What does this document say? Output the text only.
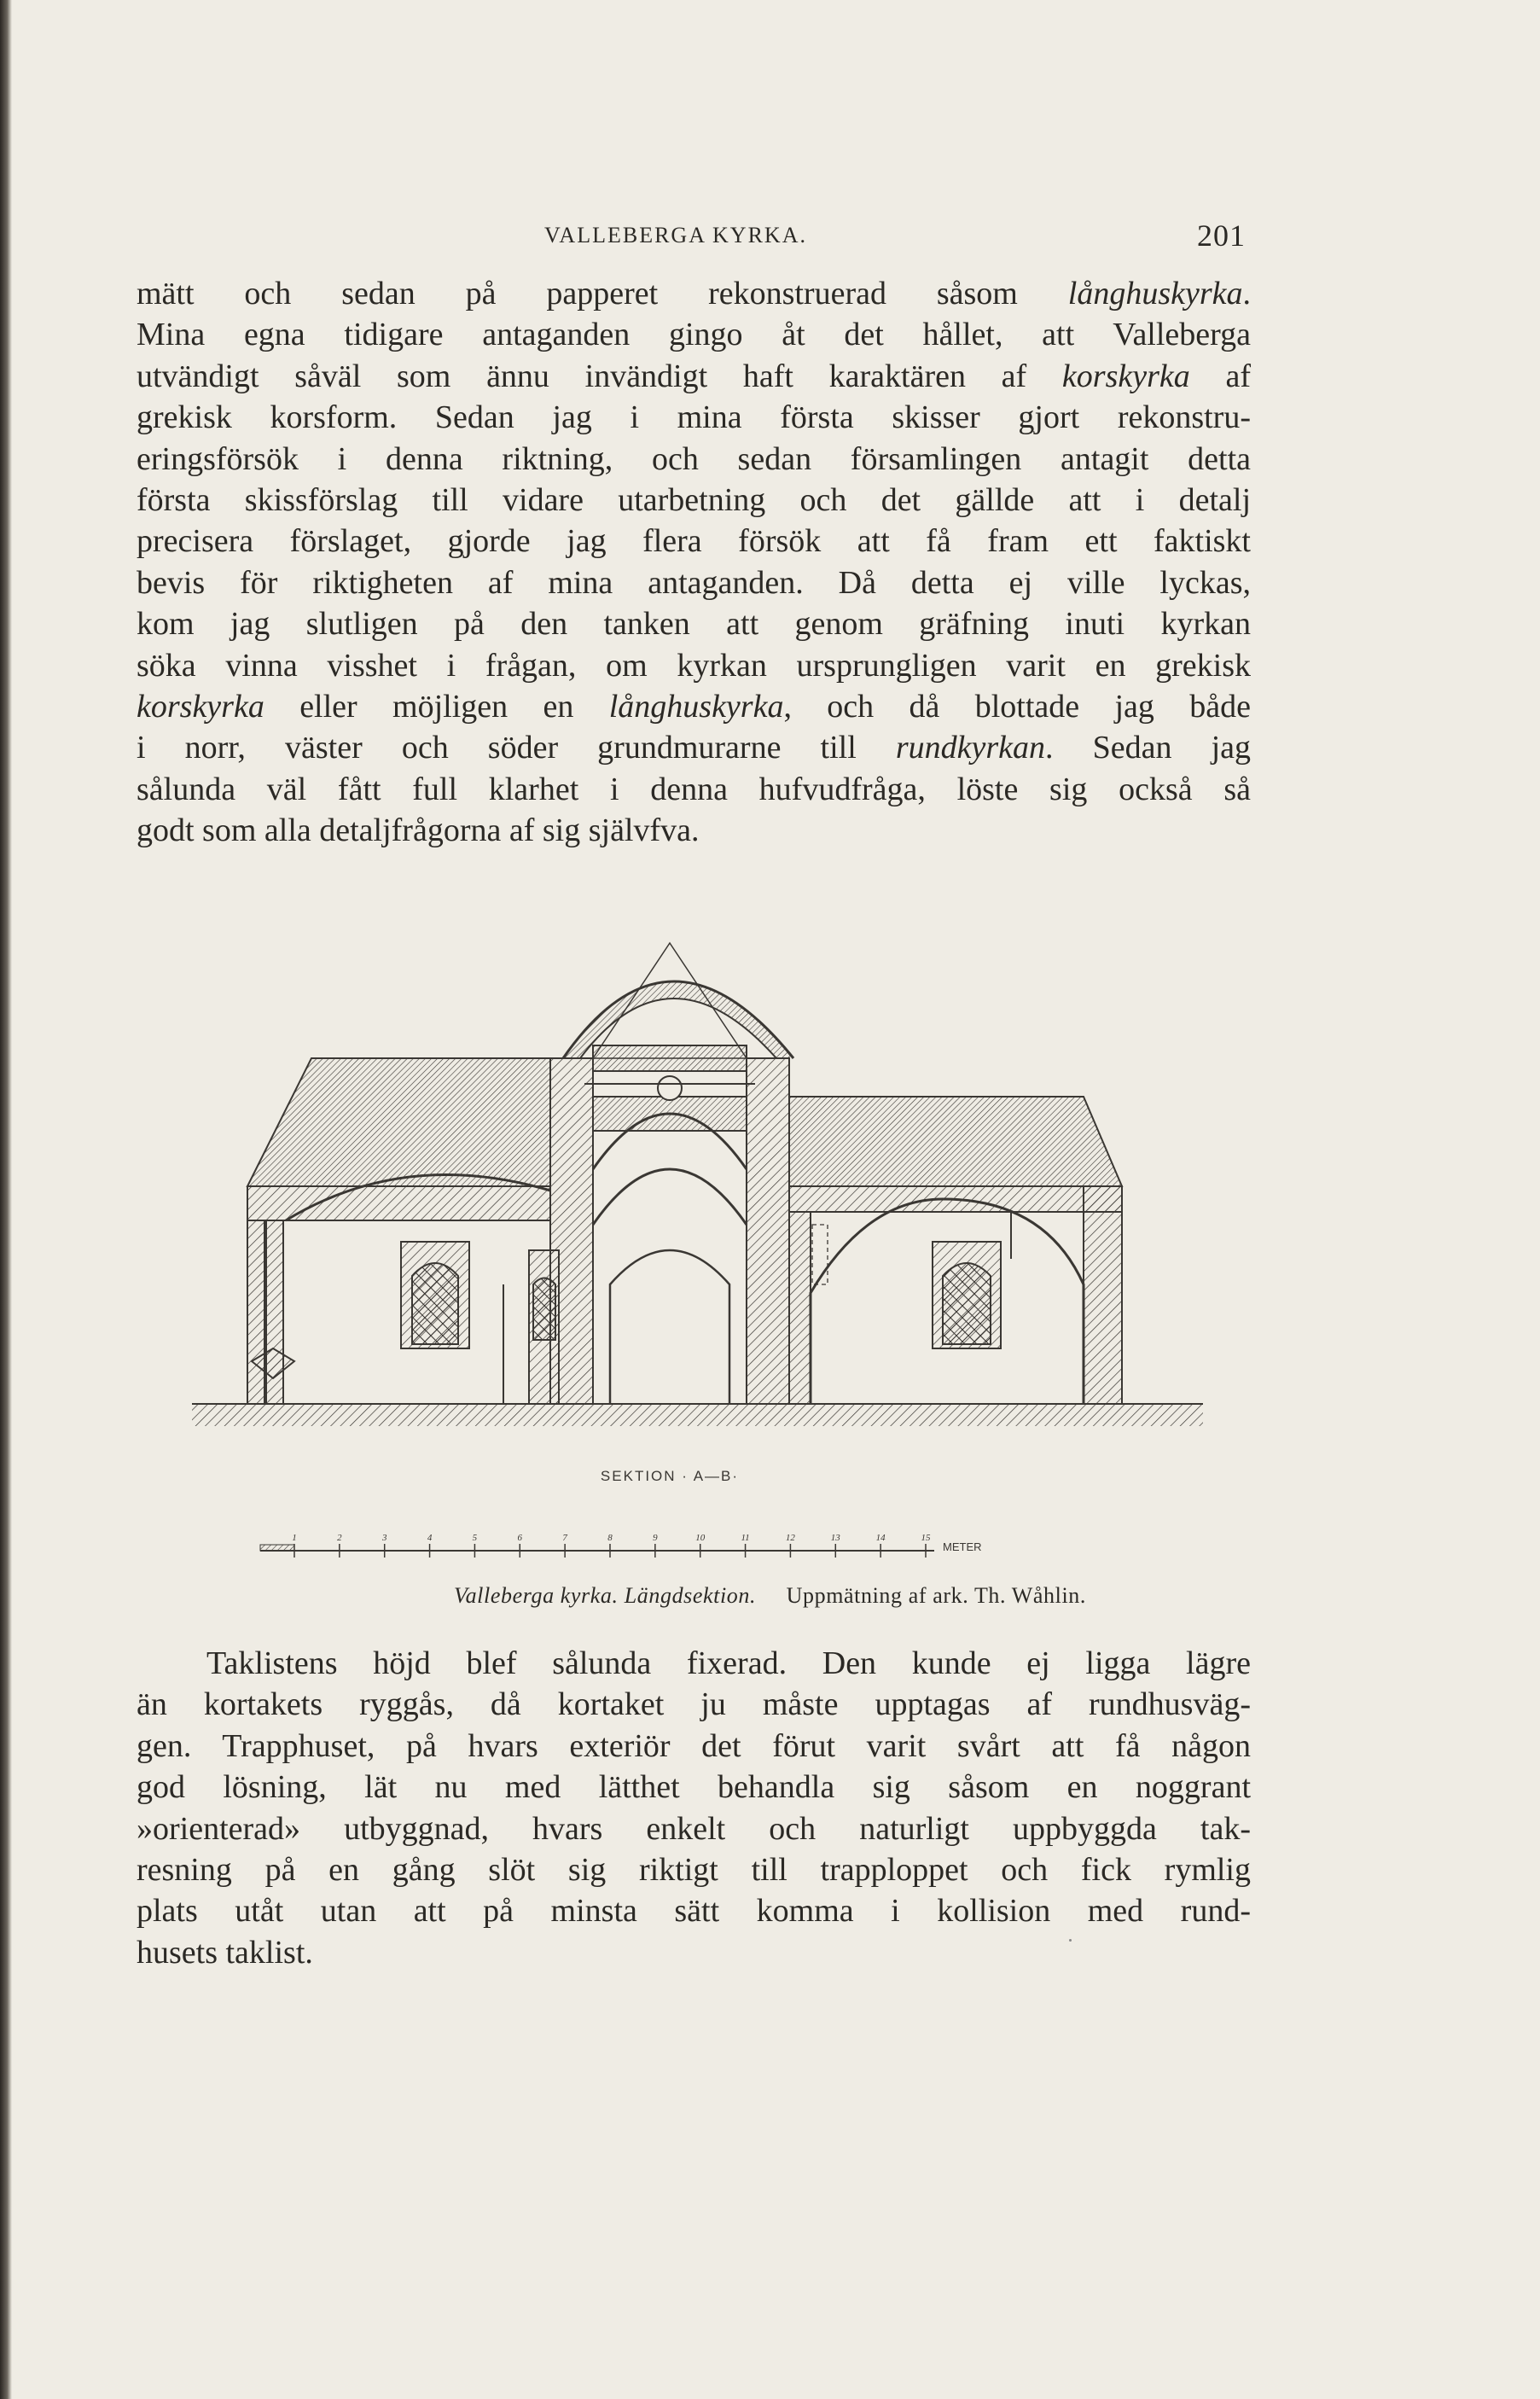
VALLEBERGA KYRKA.	201
mätt och sedan på papperet rekonstruerad såsom långhuskyrka.
Mina egna tidigare antaganden gingo åt det hållet, att Valleberga
utvändigt såväl som ännu invändigt haft karaktären af korskyrka af
grekisk korsform. Sedan jag i mina första skisser gjort rekonstru-
eringsförsök i denna riktning, och sedan församlingen antagit detta
första skissförslag till vidare utarbetning och det gällde att i detalj
precisera förslaget, gjorde jag flera försök att få fram ett faktiskt
bevis för riktigheten af mina antaganden. Då detta ej ville lyckas,
kom jag slutligen på den tanken att genom gräfning inuti kyrkan
söka vinna visshet i frågan, om kyrkan ursprungligen varit en grekisk
korskyrka eller möjligen en långhuskyrka, och då blottade jag både
i norr, väster och söder grundmurarne till rundkyrkan. Sedan jag
sålunda väl fått full klarhet i denna hufvudfråga, löste sig också så
godt som alla detaljfrågorna af sig självfva.
SEKTION · A—B·
1	2	3	4	5	6	7	8	9	10	11	12	13	14	15
METER
Valleberga kyrka. Längdsektion. Uppmätning af ark. Th. Wåhlin.
Taklistens höjd blef sålunda fixerad. Den kunde ej ligga lägre
än kortakets ryggås, då kortaket ju måste upptagas af rundhusväg-
gen. Trapphuset, på hvars exteriör det förut varit svårt att få någon
god lösning, lät nu med lätthet behandla sig såsom en noggrant
»orienterad» utbyggnad, hvars enkelt och naturligt uppbyggda tak-
resning på en gång slöt sig riktigt till trapploppet och fick rymlig
plats utåt utan att på minsta sätt komma i kollision med rund-
husets taklist.
